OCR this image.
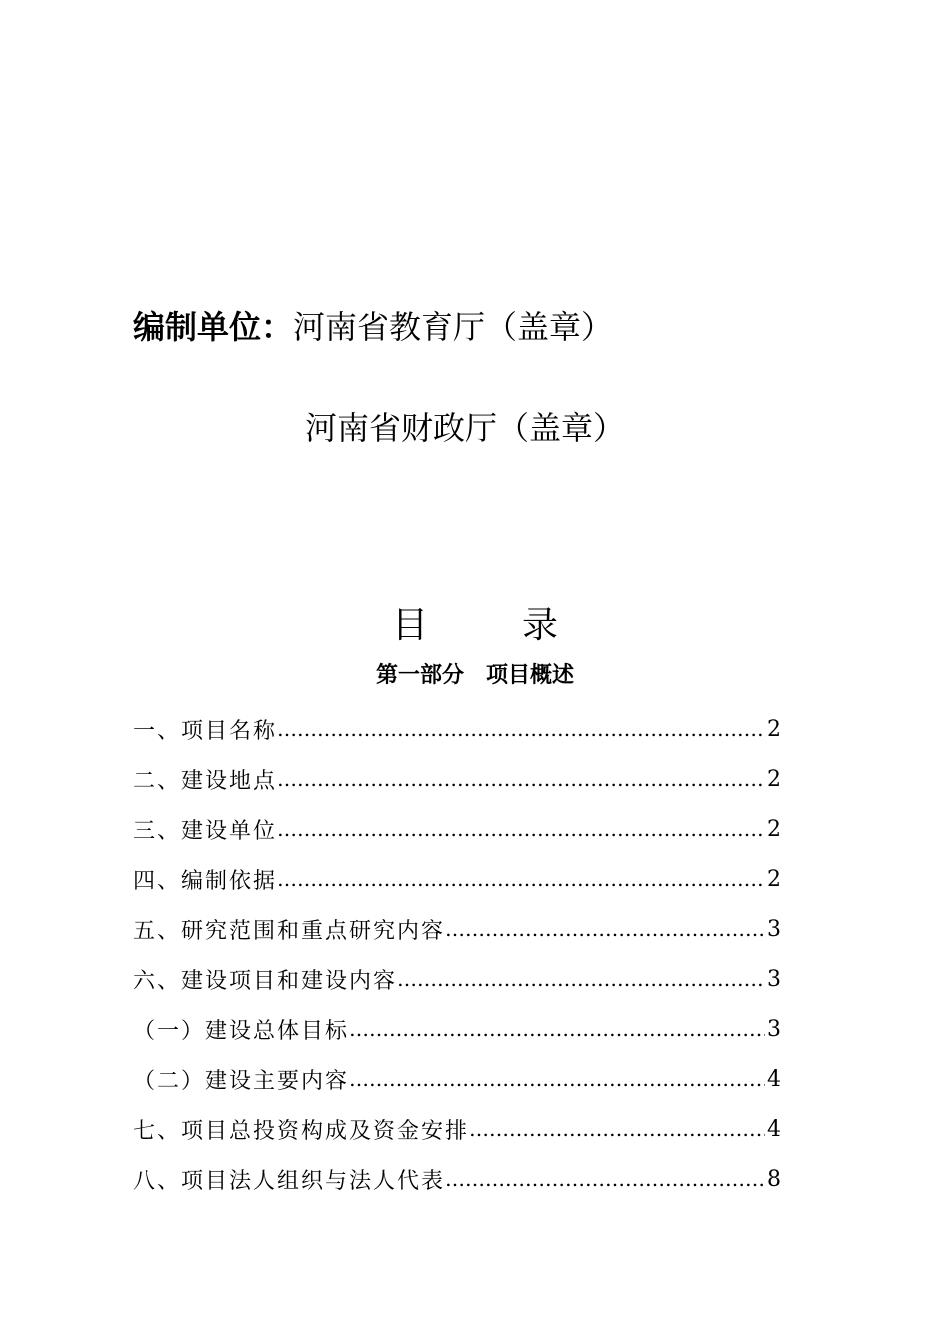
编制单位：河南省教育厅（盖章）
河南省财政厅（盖章）
目录
第一部分　项目概述
一、项目名称 ……………………………………………………………………………………………………………………………………	2
二、建设地点 ……………………………………………………………………………………………………………………………………	2
三、建设单位 ……………………………………………………………………………………………………………………………………	2
四、编制依据 ……………………………………………………………………………………………………………………………………	2
五、研究范围和重点研究内容 ……………………………………………………………………………………………………………………………………	3
六、建设项目和建设内容 ……………………………………………………………………………………………………………………………………	3
（一）建设总体目标 ……………………………………………………………………………………………………………………………………	3
（二）建设主要内容 ……………………………………………………………………………………………………………………………………	4
七、项目总投资构成及资金安排 ……………………………………………………………………………………………………………………………………	4
八、项目法人组织与法人代表 ……………………………………………………………………………………………………………………………………	8
